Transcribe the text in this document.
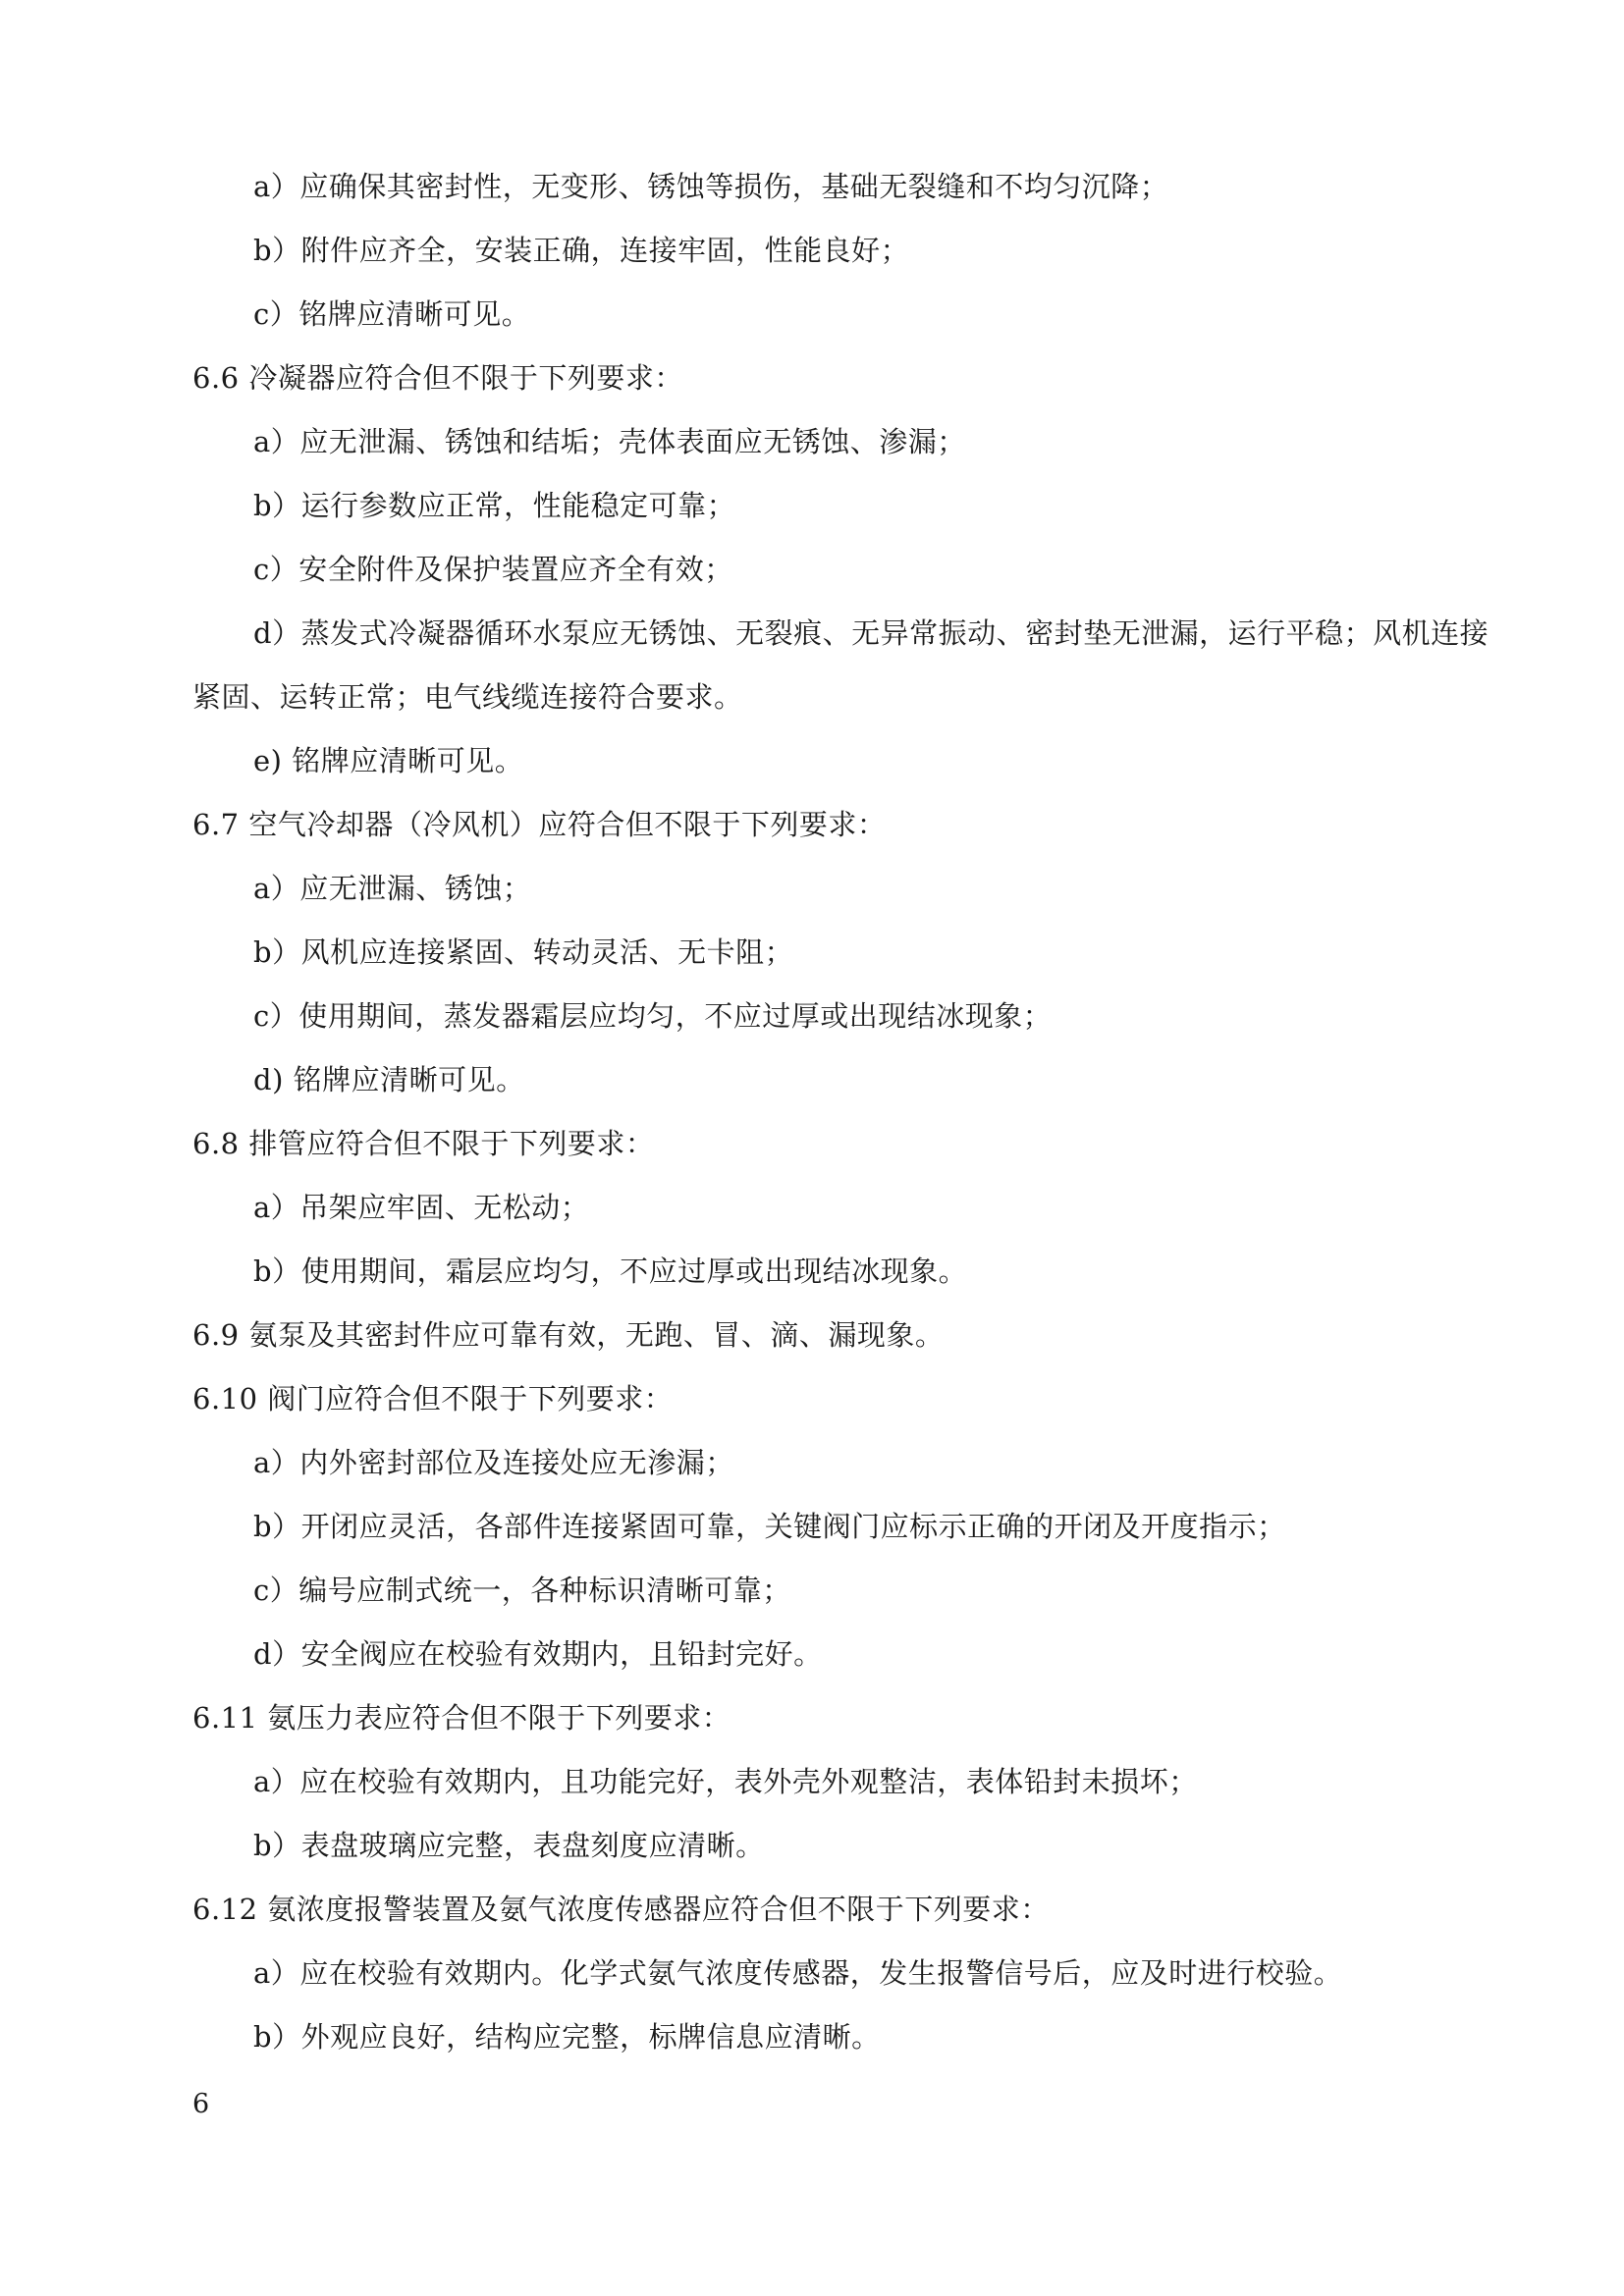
a）应确保其密封性，无变形、锈蚀等损伤，基础无裂缝和不均匀沉降；
b）附件应齐全，安装正确，连接牢固，性能良好；
c）铭牌应清晰可见。
6.6 冷凝器应符合但不限于下列要求：
a）应无泄漏、锈蚀和结垢；壳体表面应无锈蚀、渗漏；
b）运行参数应正常，性能稳定可靠；
c）安全附件及保护装置应齐全有效；
d）蒸发式冷凝器循环水泵应无锈蚀、无裂痕、无异常振动、密封垫无泄漏，运行平稳；风机连接
紧固、运转正常；电气线缆连接符合要求。
e) 铭牌应清晰可见。
6.7 空气冷却器（冷风机）应符合但不限于下列要求：
a）应无泄漏、锈蚀；
b）风机应连接紧固、转动灵活、无卡阻；
c）使用期间，蒸发器霜层应均匀，不应过厚或出现结冰现象；
d) 铭牌应清晰可见。
6.8 排管应符合但不限于下列要求：
a）吊架应牢固、无松动；
b）使用期间，霜层应均匀，不应过厚或出现结冰现象。
6.9 氨泵及其密封件应可靠有效，无跑、冒、滴、漏现象。
6.10 阀门应符合但不限于下列要求：
a）内外密封部位及连接处应无渗漏；
b）开闭应灵活，各部件连接紧固可靠，关键阀门应标示正确的开闭及开度指示；
c）编号应制式统一，各种标识清晰可靠；
d）安全阀应在校验有效期内，且铅封完好。
6.11 氨压力表应符合但不限于下列要求：
a）应在校验有效期内，且功能完好，表外壳外观整洁，表体铅封未损坏；
b）表盘玻璃应完整，表盘刻度应清晰。
6.12 氨浓度报警装置及氨气浓度传感器应符合但不限于下列要求：
a）应在校验有效期内。化学式氨气浓度传感器，发生报警信号后，应及时进行校验。
b）外观应良好，结构应完整，标牌信息应清晰。
6
